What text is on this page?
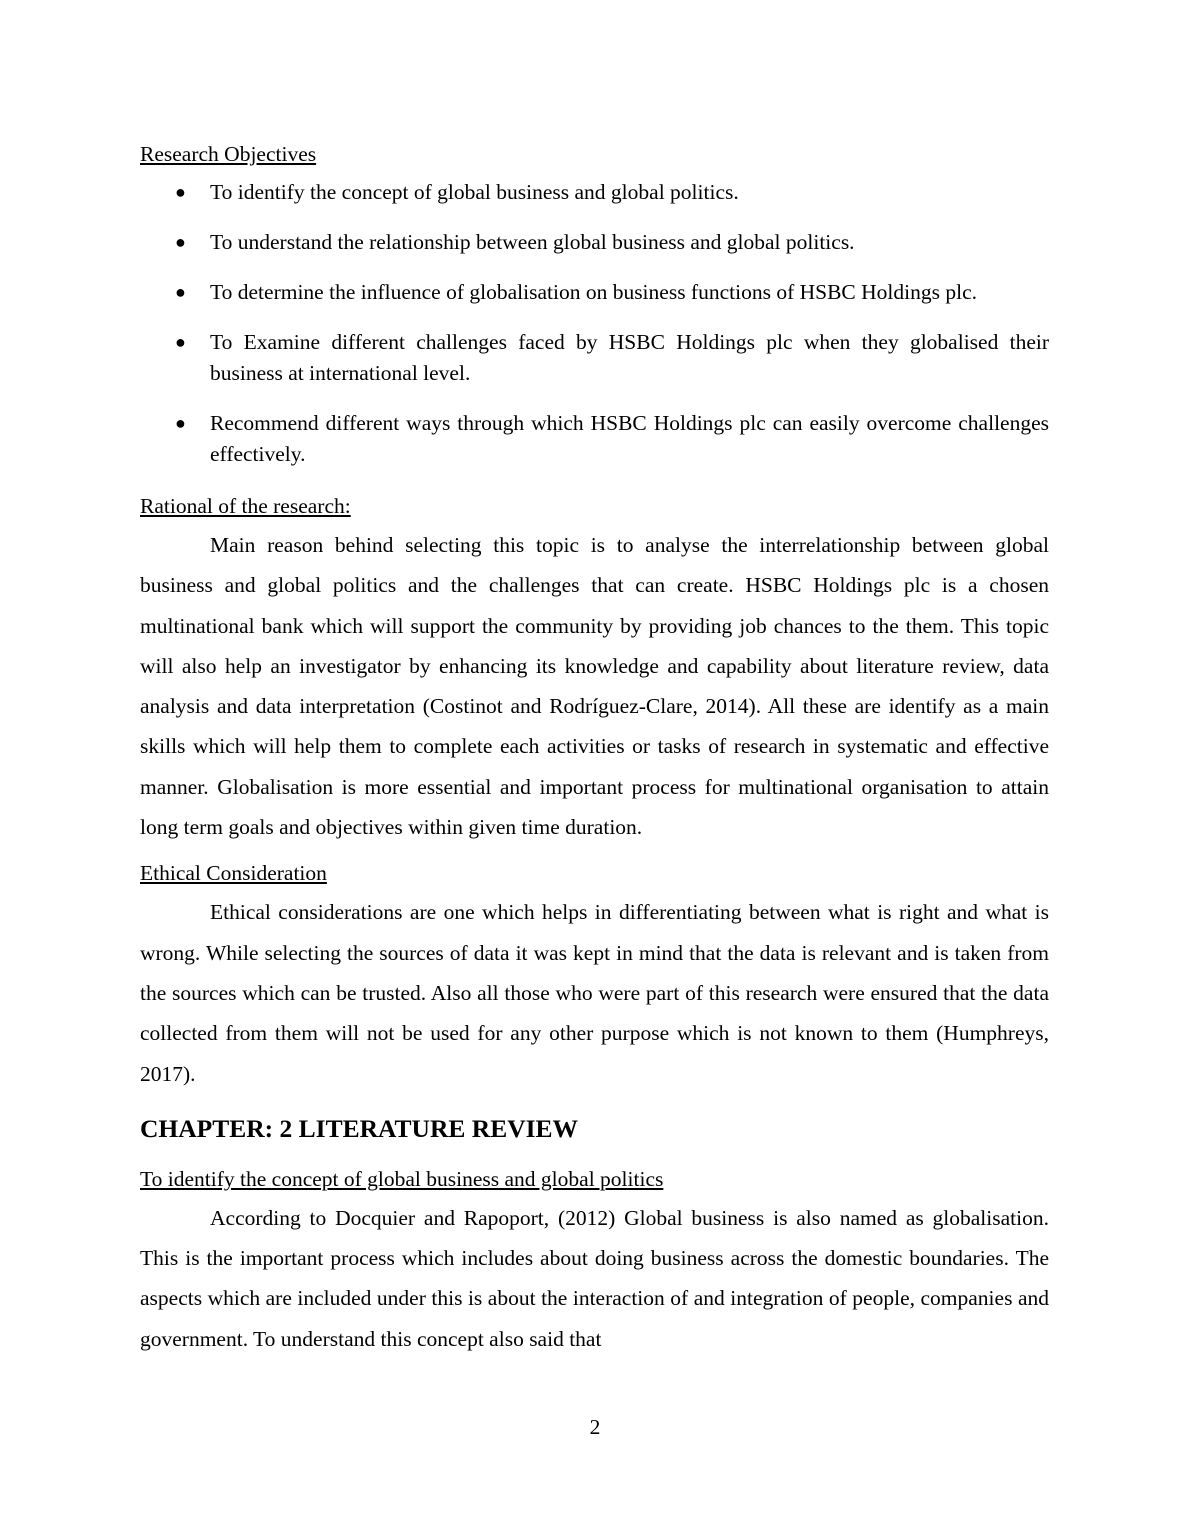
Research Objectives

● To identify the concept of global business and global politics.
● To understand the relationship between global business and global politics.
● To determine the influence of globalisation on business functions of HSBC Holdings plc.
● To Examine different challenges faced by HSBC Holdings plc when they globalised their business at international level.
● Recommend different ways through which HSBC Holdings plc can easily overcome challenges effectively.

Rational of the research:

Main reason behind selecting this topic is to analyse the interrelationship between global business and global politics and the challenges that can create. HSBC Holdings plc is a chosen multinational bank which will support the community by providing job chances to the them. This topic will also help an investigator by enhancing its knowledge and capability about literature review, data analysis and data interpretation (Costinot and Rodríguez-Clare, 2014). All these are identify as a main skills which will help them to complete each activities or tasks of research in systematic and effective manner. Globalisation is more essential and important process for multinational organisation to attain long term goals and objectives within given time duration.

Ethical Consideration

Ethical considerations are one which helps in differentiating between what is right and what is wrong. While selecting the sources of data it was kept in mind that the data is relevant and is taken from the sources which can be trusted. Also all those who were part of this research were ensured that the data collected from them will not be used for any other purpose which is not known to them (Humphreys, 2017).

CHAPTER: 2 LITERATURE REVIEW

To identify the concept of global business and global politics

According to Docquier and Rapoport, (2012) Global business is also named as globalisation. This is the important process which includes about doing business across the domestic boundaries. The aspects which are included under this is about the interaction of and integration of people, companies and government. To understand this concept also said that

2
